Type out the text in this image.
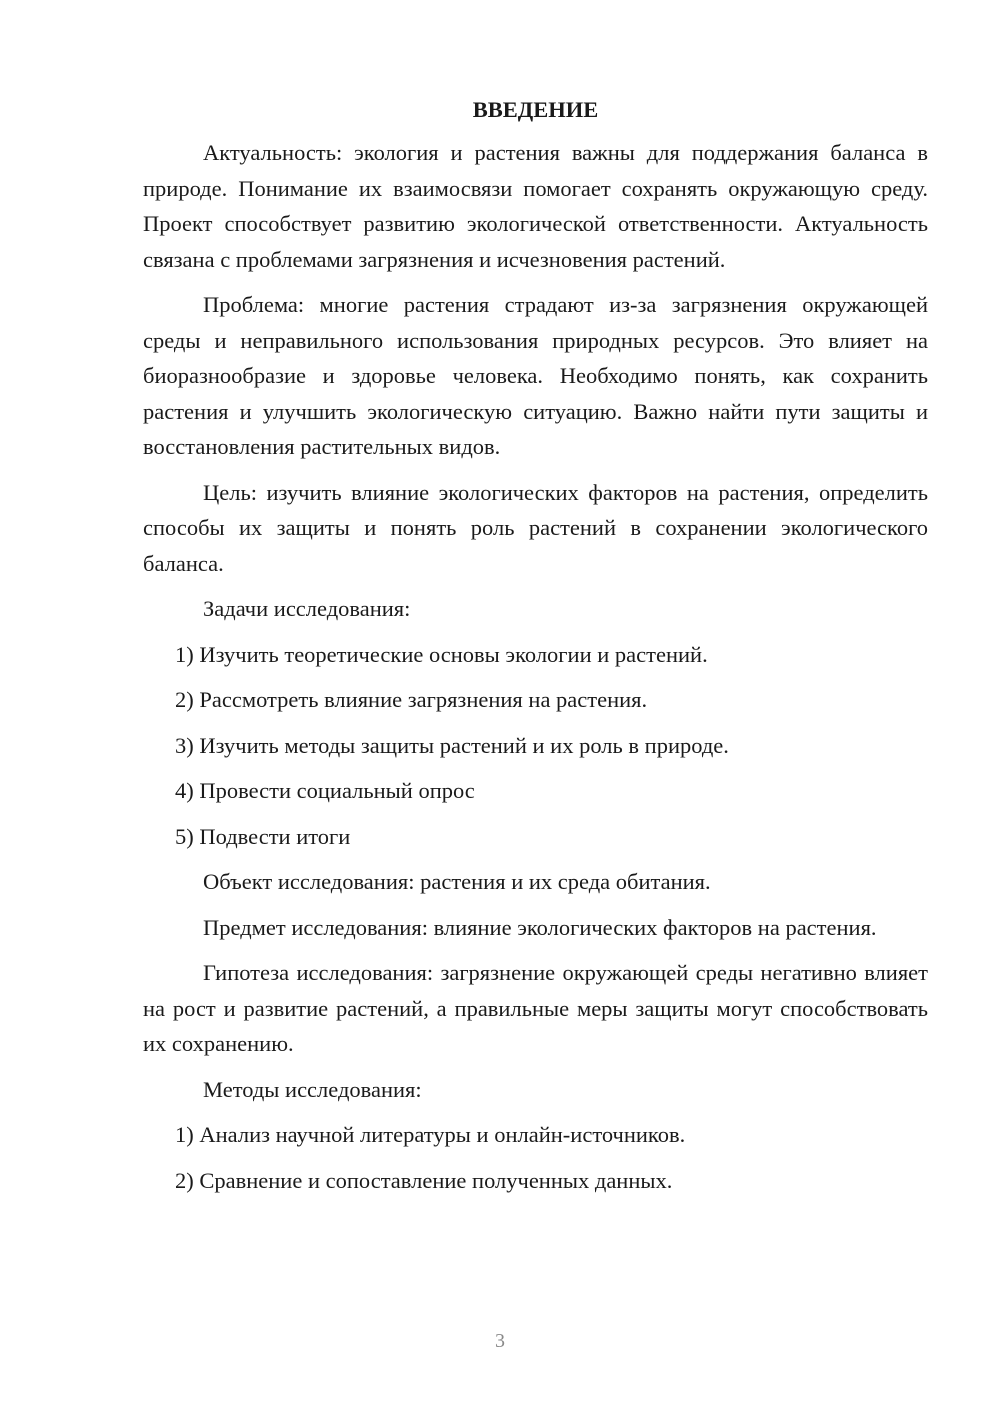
ВВЕДЕНИЕ

Актуальность: экология и растения важны для поддержания баланса в природе. Понимание их взаимосвязи помогает сохранять окружающую среду. Проект способствует развитию экологической ответственности. Актуальность связана с проблемами загрязнения и исчезновения растений.

Проблема: многие растения страдают из-за загрязнения окружающей среды и неправильного использования природных ресурсов. Это влияет на биоразнообразие и здоровье человека. Необходимо понять, как сохранить растения и улучшить экологическую ситуацию. Важно найти пути защиты и восстановления растительных видов.

Цель: изучить влияние экологических факторов на растения, определить способы их защиты и понять роль растений в сохранении экологического баланса.

Задачи исследования:
1) Изучить теоретические основы экологии и растений.
2) Рассмотреть влияние загрязнения на растения.
3) Изучить методы защиты растений и их роль в природе.
4) Провести социальный опрос
5) Подвести итоги

Объект исследования: растения и их среда обитания.

Предмет исследования: влияние экологических факторов на растения.

Гипотеза исследования: загрязнение окружающей среды негативно влияет на рост и развитие растений, а правильные меры защиты могут способствовать их сохранению.

Методы исследования:
1) Анализ научной литературы и онлайн-источников.
2) Сравнение и сопоставление полученных данных.
3
